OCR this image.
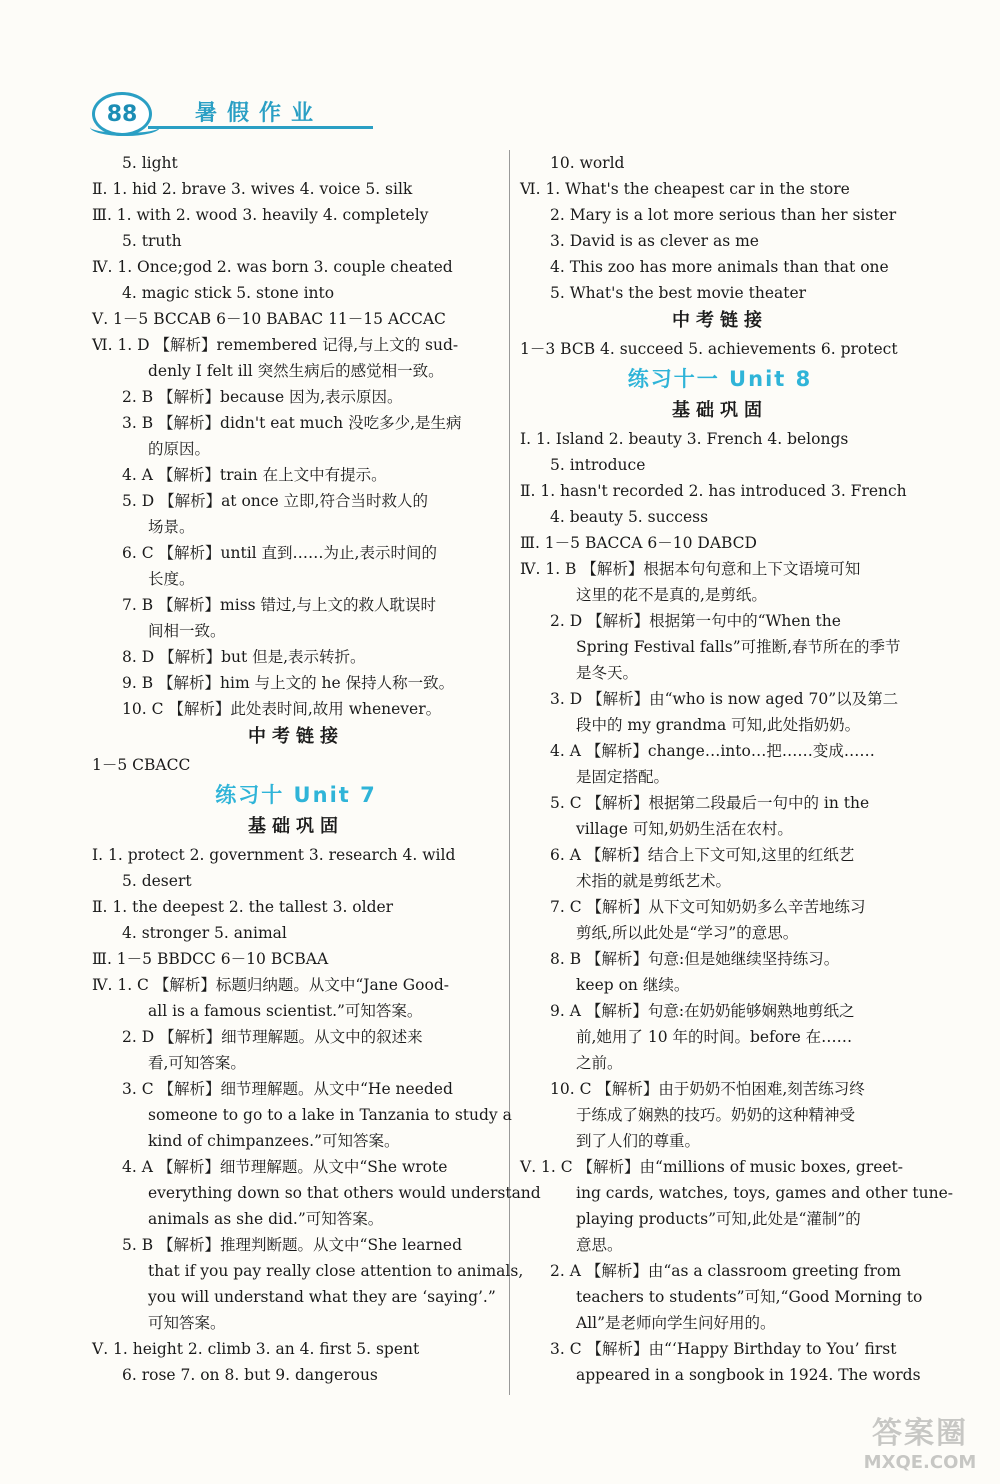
88	暑假作业
5. light
Ⅱ. 1. hid 2. brave 3. wives 4. voice 5. silk
Ⅲ. 1. with 2. wood 3. heavily 4. completely
5. truth
Ⅳ. 1. Once;god 2. was born 3. couple cheated
4. magic stick 5. stone into
Ⅴ. 1－5 BCCAB 6－10 BABAC 11－15 ACCAC
Ⅵ. 1. D 【解析】remembered 记得,与上文的 sud-
denly I felt ill 突然生病后的感觉相一致。
2. B 【解析】because 因为,表示原因。
3. B 【解析】didn't eat much 没吃多少,是生病
的原因。
4. A 【解析】train 在上文中有提示。
5. D 【解析】at once 立即,符合当时救人的
场景。
6. C 【解析】until 直到……为止,表示时间的
长度。
7. B 【解析】miss 错过,与上文的救人耽误时
间相一致。
8. D 【解析】but 但是,表示转折。
9. B 【解析】him 与上文的 he 保持人称一致。
10. C 【解析】此处表时间,故用 whenever。
中考链接
1－5 CBACC
练习十 Unit 7
基础巩固
Ⅰ. 1. protect 2. government 3. research 4. wild
5. desert
Ⅱ. 1. the deepest 2. the tallest 3. older
4. stronger 5. animal
Ⅲ. 1－5 BBDCC 6－10 BCBAA
Ⅳ. 1. C 【解析】标题归纳题。从文中“Jane Good-
all is a famous scientist.”可知答案。
2. D 【解析】细节理解题。从文中的叙述来
看,可知答案。
3. C 【解析】细节理解题。从文中“He needed
someone to go to a lake in Tanzania to study a
kind of chimpanzees.”可知答案。
4. A 【解析】细节理解题。从文中“She wrote
everything down so that others would understand
animals as she did.”可知答案。
5. B 【解析】推理判断题。从文中“She learned
that if you pay really close attention to animals,
you will understand what they are ‘saying’.”
可知答案。
Ⅴ. 1. height 2. climb 3. an 4. first 5. spent
6. rose 7. on 8. but 9. dangerous
10. world
Ⅵ. 1. What's the cheapest car in the store
2. Mary is a lot more serious than her sister
3. David is as clever as me
4. This zoo has more animals than that one
5. What's the best movie theater
中考链接
1－3 BCB 4. succeed 5. achievements 6. protect
练习十一 Unit 8
基础巩固
Ⅰ. 1. Island 2. beauty 3. French 4. belongs
5. introduce
Ⅱ. 1. hasn't recorded 2. has introduced 3. French
4. beauty 5. success
Ⅲ. 1－5 BACCA 6－10 DABCD
Ⅳ. 1. B 【解析】根据本句句意和上下文语境可知
这里的花不是真的,是剪纸。
2. D 【解析】根据第一句中的“When the
Spring Festival falls”可推断,春节所在的季节
是冬天。
3. D 【解析】由“who is now aged 70”以及第二
段中的 my grandma 可知,此处指奶奶。
4. A 【解析】change…into…把……变成……
是固定搭配。
5. C 【解析】根据第二段最后一句中的 in the
village 可知,奶奶生活在农村。
6. A 【解析】结合上下文可知,这里的红纸艺
术指的就是剪纸艺术。
7. C 【解析】从下文可知奶奶多么辛苦地练习
剪纸,所以此处是“学习”的意思。
8. B 【解析】句意:但是她继续坚持练习。
keep on 继续。
9. A 【解析】句意:在奶奶能够娴熟地剪纸之
前,她用了 10 年的时间。before 在……
之前。
10. C 【解析】由于奶奶不怕困难,刻苦练习终
于练成了娴熟的技巧。奶奶的这种精神受
到了人们的尊重。
Ⅴ. 1. C 【解析】由“millions of music boxes, greet-
ing cards, watches, toys, games and other tune-
playing products”可知,此处是“灌制”的
意思。
2. A 【解析】由“as a classroom greeting from
teachers to students”可知,“Good Morning to
All”是老师向学生问好用的。
3. C 【解析】由“‘Happy Birthday to You’ first
appeared in a songbook in 1924. The words
答案圈
MXQE.COM
